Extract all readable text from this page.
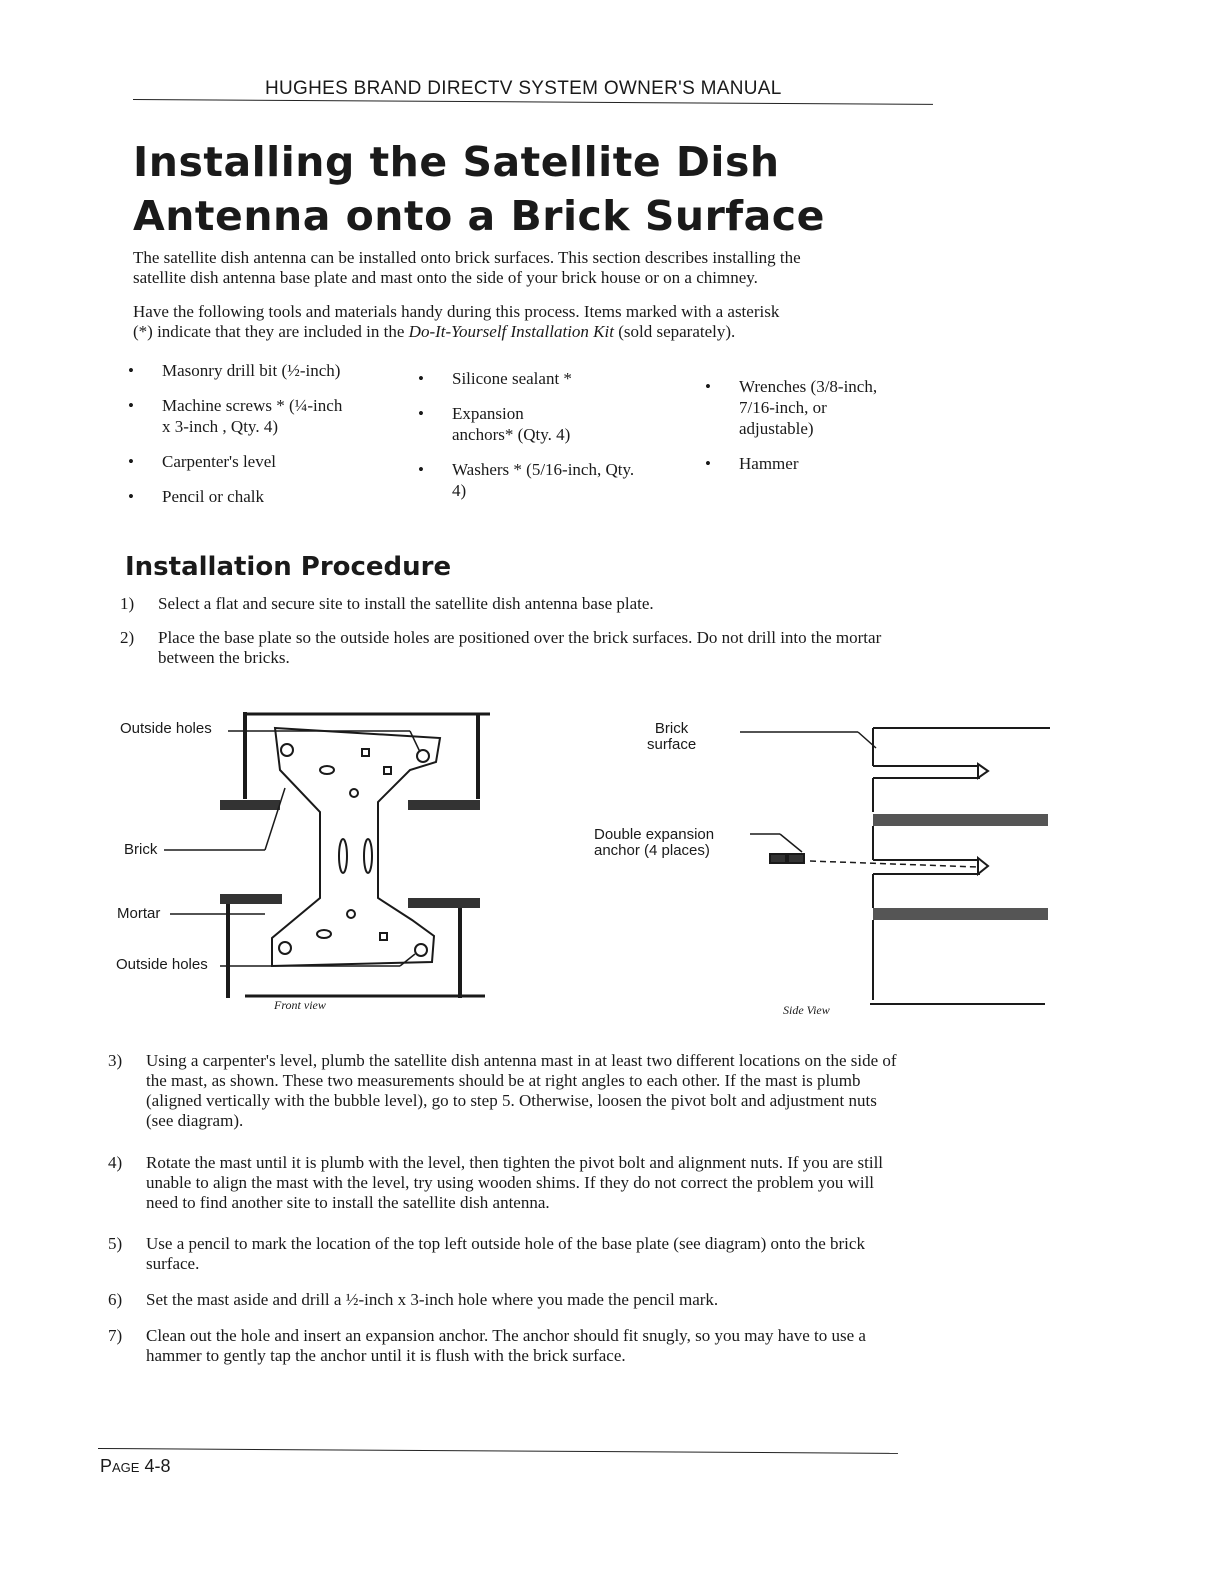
HUGHES BRAND DIRECTV SYSTEM OWNER'S MANUAL
Installing the Satellite Dish
Antenna onto a Brick Surface
The satellite dish antenna can be installed onto brick surfaces. This section describes installing the
satellite dish antenna base plate and mast onto the side of your brick house or on a chimney.
Have the following tools and materials handy during this process. Items marked with a asterisk
(*) indicate that they are included in the Do-It-Yourself Installation Kit (sold separately).
• Masonry drill bit (½-inch)
• Machine screws * (¼-inch x 3-inch , Qty. 4)
• Carpenter's level
• Pencil or chalk
• Silicone sealant *
• Expansion anchors* (Qty. 4)
• Washers * (5/16-inch, Qty. 4)
• Wrenches (3/8-inch, 7/16-inch, or adjustable)
• Hammer
Installation Procedure
1) Select a flat and secure site to install the satellite dish antenna base plate.
2) Place the base plate so the outside holes are positioned over the brick surfaces. Do not drill into the mortar between the bricks.
Outside holes
Brick
Mortar
Outside holes
Front view
Brick
surface
Double expansion
anchor (4 places)
Side View
3) Using a carpenter's level, plumb the satellite dish antenna mast in at least two different locations on the side of the mast, as shown. These two measurements should be at right angles to each other. If the mast is plumb (aligned vertically with the bubble level), go to step 5. Otherwise, loosen the pivot bolt and adjustment nuts (see diagram).
4) Rotate the mast until it is plumb with the level, then tighten the pivot bolt and alignment nuts. If you are still unable to align the mast with the level, try using wooden shims. If they do not correct the problem you will need to find another site to install the satellite dish antenna.
5) Use a pencil to mark the location of the top left outside hole of the base plate (see diagram) onto the brick surface.
6) Set the mast aside and drill a ½-inch x 3-inch hole where you made the pencil mark.
7) Clean out the hole and insert an expansion anchor. The anchor should fit snugly, so you may have to use a hammer to gently tap the anchor until it is flush with the brick surface.
Page 4-8
